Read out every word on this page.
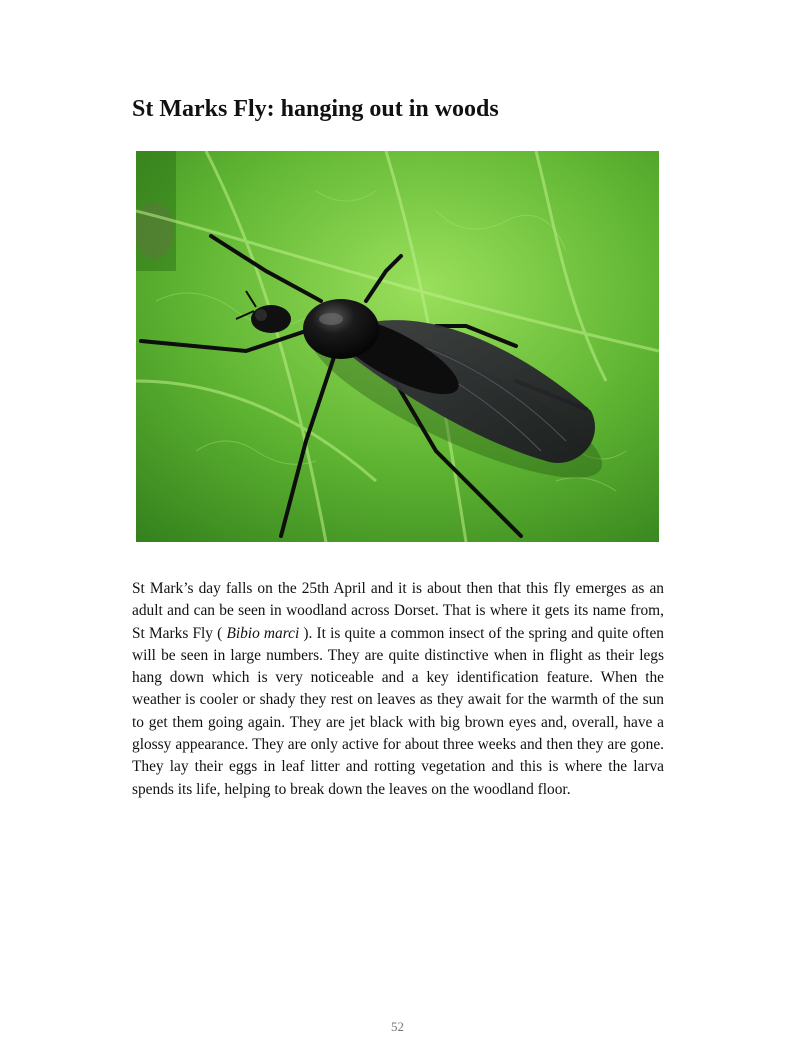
St Marks Fly: hanging out in woods

St Mark’s day falls on the 25th April and it is about then that this fly emerges as an adult and can be seen in woodland across Dorset. That is where it gets its name from, St Marks Fly ( Bibio marci ). It is quite a common insect of the spring and quite often will be seen in large numbers. They are quite distinctive when in flight as their legs hang down which is very noticeable and a key identification feature. When the weather is cooler or shady they rest on leaves as they await for the warmth of the sun to get them going again. They are jet black with big brown eyes and, overall, have a glossy appearance. They are only active for about three weeks and then they are gone. They lay their eggs in leaf litter and rotting vegetation and this is where the larva spends its life, helping to break down the leaves on the woodland floor.

52
